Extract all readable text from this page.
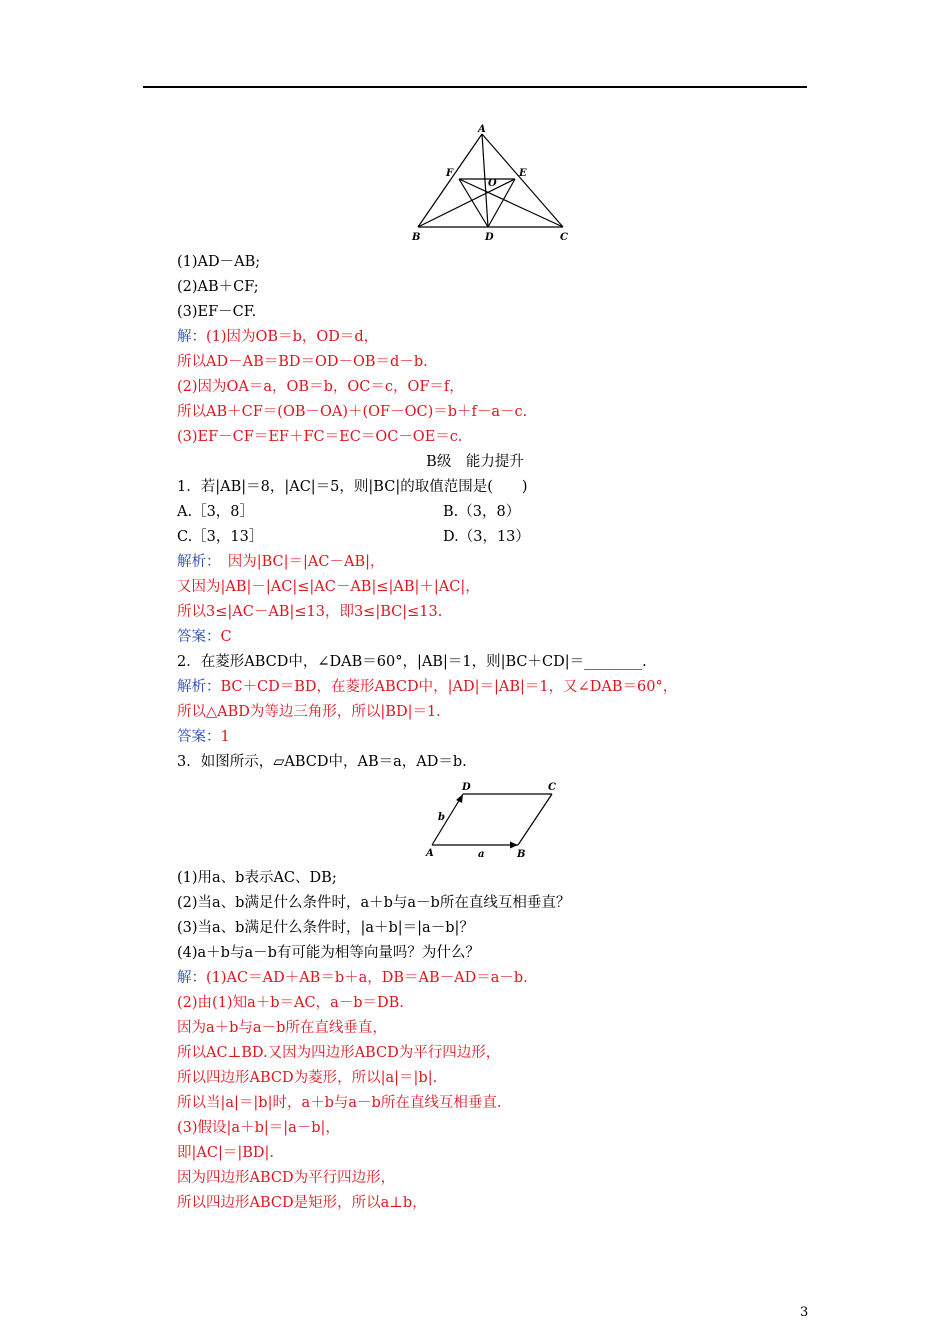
A
F	E
O
B	D	C
(1)AD－AB;
(2)AB＋CF;
(3)EF－CF.
解：(1)因为OB＝b，OD＝d，
所以AD－AB＝BD＝OD－OB＝d－b.
(2)因为OA＝a，OB＝b，OC＝c，OF＝f，
所以AB＋CF＝(OB－OA)＋(OF－OC)＝b＋f－a－c.
(3)EF－CF＝EF＋FC＝EC＝OC－OE＝c.
B级　能力提升
1．若|AB|＝8，|AC|＝5，则|BC|的取值范围是(　　)
A.［3，8］	B.（3，8）
C.［3，13］	D.（3，13）
解析：　因为|BC|＝|AC－AB|，
又因为|AB|－|AC|≤|AC－AB|≤|AB|＋|AC|，
所以3≤|AC－AB|≤13，即3≤|BC|≤13.
答案：C
2．在菱形ABCD中，∠DAB＝60°，|AB|＝1，则|BC＋CD|＝________.
解析：BC＋CD＝BD，在菱形ABCD中，|AD|＝|AB|＝1，又∠DAB＝60°，
所以△ABD为等边三角形，所以|BD|＝1.
答案：1
3．如图所示，▱ABCD中，AB＝a，AD＝b.
D	C
A	B
a
b
(1)用a、b表示AC、DB;
(2)当a、b满足什么条件时，a＋b与a－b所在直线互相垂直？
(3)当a、b满足什么条件时，|a＋b|＝|a－b|？
(4)a＋b与a－b有可能为相等向量吗？为什么？
解：(1)AC＝AD＋AB＝b＋a，DB＝AB－AD＝a－b.
(2)由(1)知a＋b＝AC，a－b＝DB.
因为a＋b与a－b所在直线垂直，
所以AC⊥BD.又因为四边形ABCD为平行四边形，
所以四边形ABCD为菱形，所以|a|＝|b|.
所以当|a|＝|b|时，a＋b与a－b所在直线互相垂直.
(3)假设|a＋b|＝|a－b|，
即|AC|＝|BD|.
因为四边形ABCD为平行四边形，
所以四边形ABCD是矩形，所以a⊥b，
3
